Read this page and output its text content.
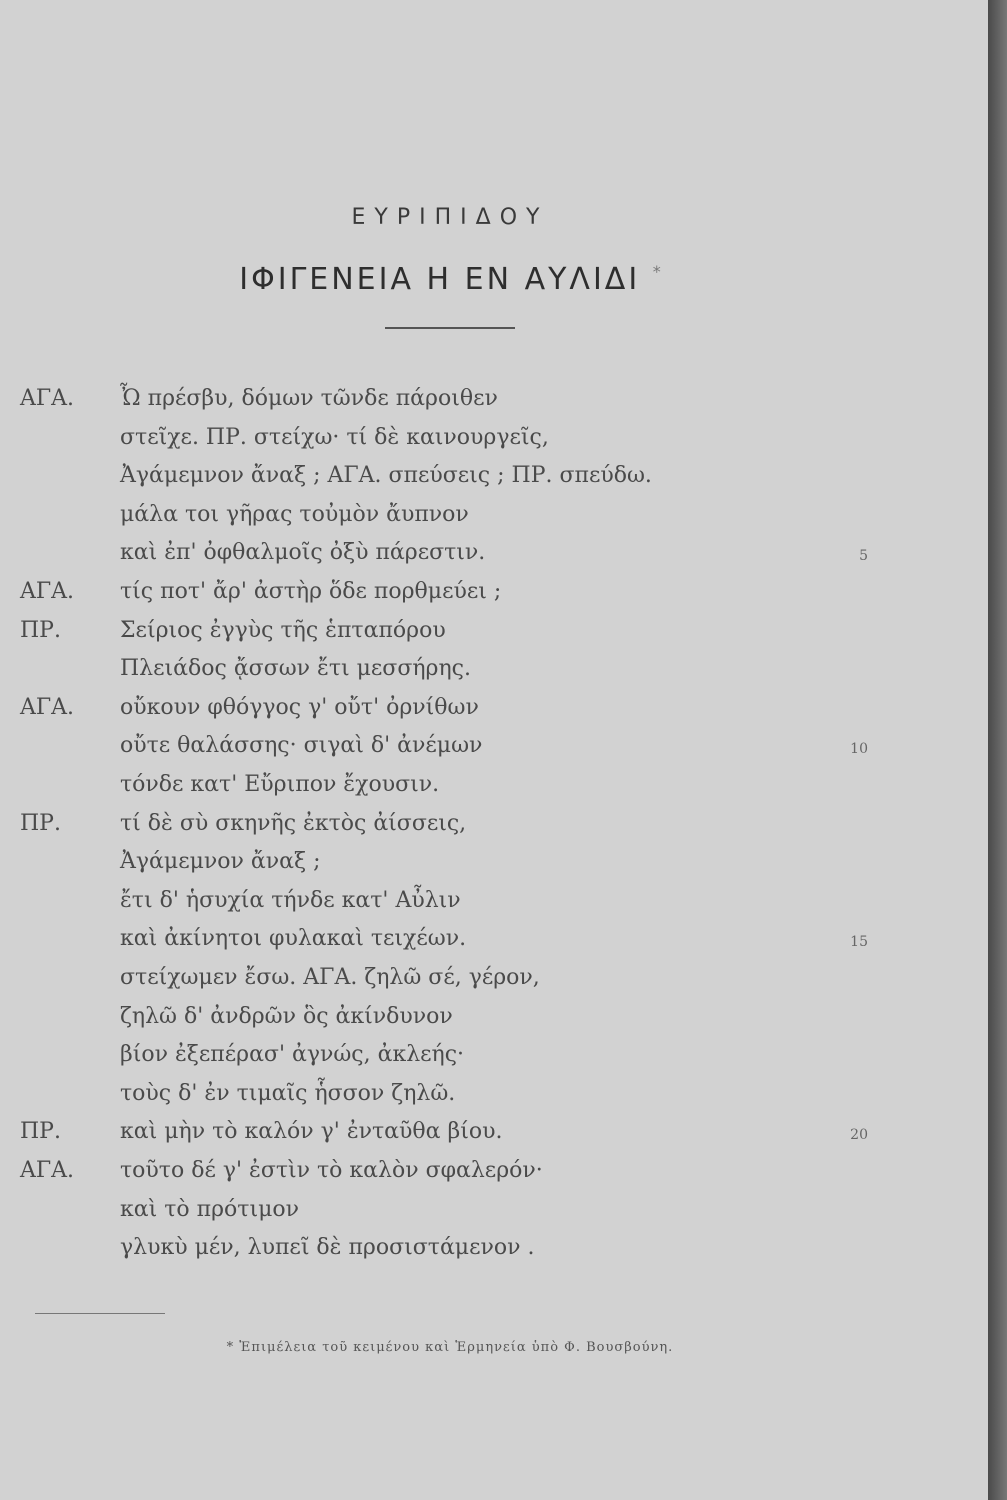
ΕΥΡΙΠΙΔΟΥ
ΙΦΙΓΕΝΕΙΑ Η ΕΝ ΑΥΛΙΔΙ *
ΑΓΑ. Ὦ πρέσβυ, δόμων τῶνδε πάροιθεν
στεῖχε. ΠΡ. στείχω· τί δὲ καινουργεῖς,
Ἀγάμεμνον ἄναξ ; ΑΓΑ. σπεύσεις ; ΠΡ. σπεύδω.
μάλα τοι γῆρας τοὐμὸν ἄυπνον
καὶ ἐπ' ὀφθαλμοῖς ὀξὺ πάρεστιν.	5
ΑΓΑ. τίς ποτ' ἄρ' ἀστὴρ ὅδε πορθμεύει ;
ΠΡ.	Σείριος ἐγγὺς τῆς ἑπταπόρου
Πλειάδος ᾄσσων ἔτι μεσσήρης.
ΑΓΑ. οὔκουν φθόγγος γ' οὔτ' ὀρνίθων
οὔτε θαλάσσης· σιγαὶ δ' ἀνέμων	10
τόνδε κατ' Εὔριπον ἔχουσιν.
ΠΡ.	τί δὲ σὺ σκηνῆς ἐκτὸς ἀίσσεις,
Ἀγάμεμνον ἄναξ ;
ἔτι δ' ἡσυχία τήνδε κατ' Αὖλιν
καὶ ἀκίνητοι φυλακαὶ τειχέων.	15
στείχωμεν ἔσω. ΑΓΑ. ζηλῶ σέ, γέρον,
ζηλῶ δ' ἀνδρῶν ὃς ἀκίνδυνον
βίον ἐξεπέρασ' ἀγνώς, ἀκλεής·
τοὺς δ' ἐν τιμαῖς ἧσσον ζηλῶ.
ΠΡ.	καὶ μὴν τὸ καλόν γ' ἐνταῦθα βίου.	20
ΑΓΑ. τοῦτο δέ γ' ἐστὶν τὸ καλὸν σφαλερόν·
καὶ τὸ πρότιμον
γλυκὺ μέν, λυπεῖ δὲ προσιστάμενον .
* Ἐπιμέλεια τοῦ κειμένου καὶ Ἑρμηνεία ὑπὸ Φ. Βουσβούνη.
